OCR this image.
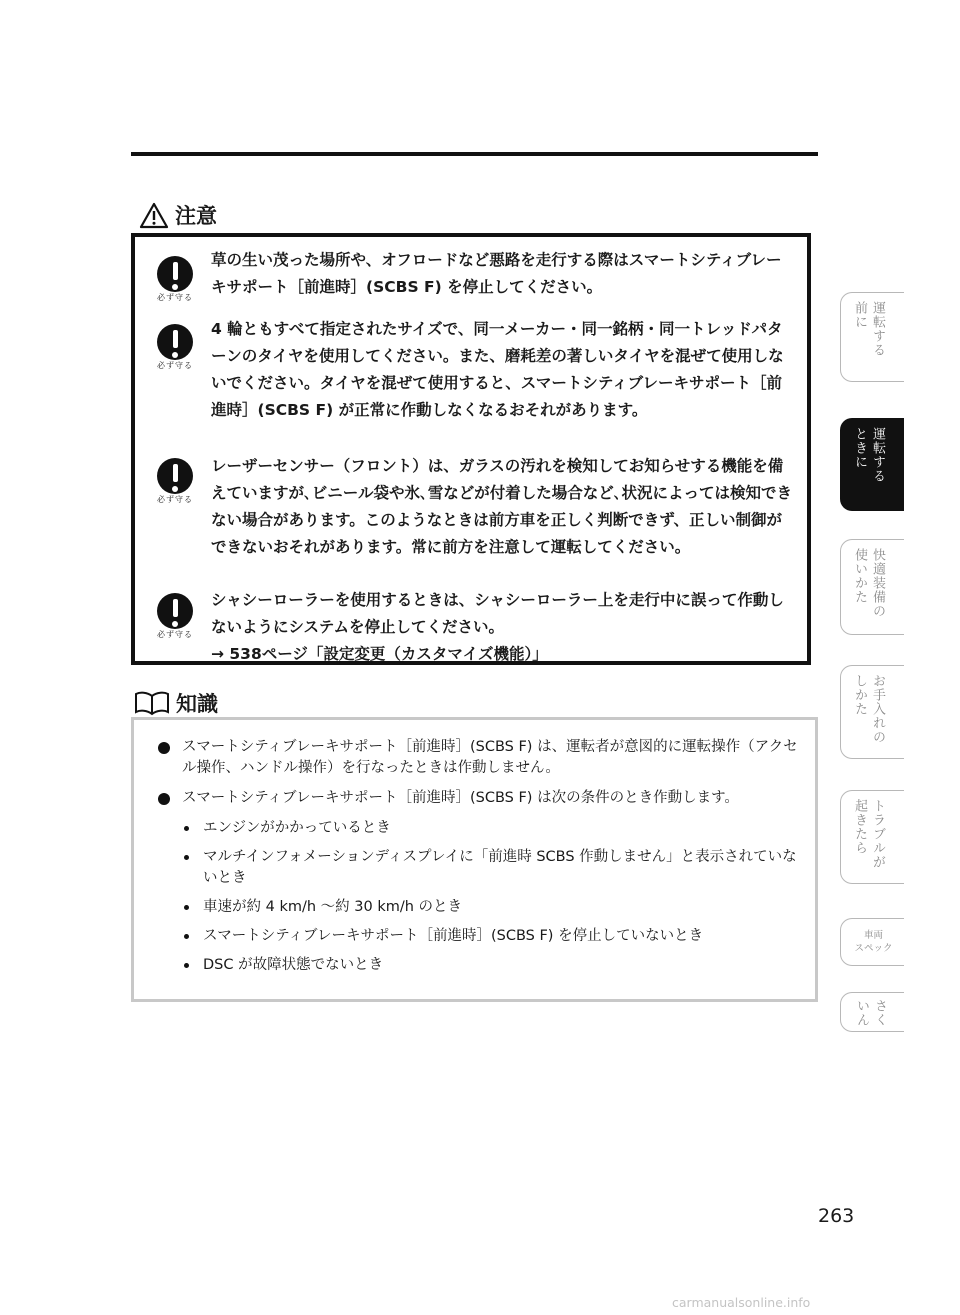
注意
必ず守る
草の生い茂った場所や、オフロードなど悪路を走行する際はスマートシティブレーキサポート［前進時］(SCBS F) を停止してください。
必ず守る
4 輪ともすべて指定されたサイズで、同一メーカー・同一銘柄・同一トレッドパターンのタイヤを使用してください。また、磨耗差の著しいタイヤを混ぜて使用しないでください。タイヤを混ぜて使用すると、スマートシティブレーキサポート［前進時］(SCBS F) が正常に作動しなくなるおそれがあります。
必ず守る
レーザーセンサー（フロント）は、ガラスの汚れを検知してお知らせする機能を備えていますが､ビニール袋や氷､雪などが付着した場合など､状況によっては検知できない場合があります。このようなときは前方車を正しく判断できず、正しい制御ができないおそれがあります。常に前方を注意して運転してください。
必ず守る
シャシーローラーを使用するときは、シャシーローラー上を走行中に誤って作動しないようにシステムを停止してください。
→ 538ページ「設定変更（カスタマイズ機能）」
知識
スマートシティブレーキサポート［前進時］(SCBS F) は、運転者が意図的に運転操作（アクセル操作、ハンドル操作）を行なったときは作動しません。
スマートシティブレーキサポート［前進時］(SCBS F) は次の条件のとき作動します。
エンジンがかかっているとき
マルチインフォメーションディスプレイに「前進時 SCBS 作動しません」と表示されていないとき
車速が約 4 km/h ～約 30 km/h のとき
スマートシティブレーキサポート［前進時］(SCBS F) を停止していないとき
DSC が故障状態でないとき
前に 運転する
ときに 運転する
使いかた 快適装備の
しかた お手入れの
起きたら トラブルが
車両
スペック
いん さく
263
carmanualsonline.info
